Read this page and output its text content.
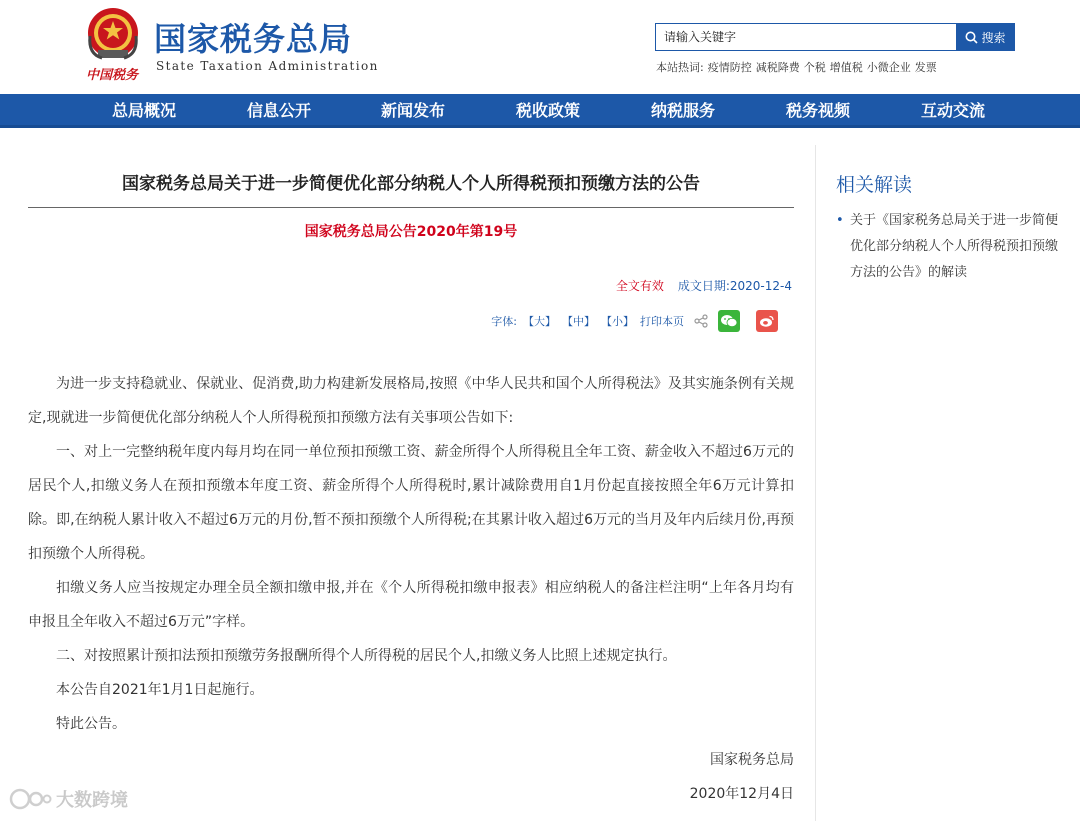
中国税务
国家税务总局
State Taxation Administration
请输入关键字
搜索
本站热词: 疫情防控 减税降费 个税 增值税 小微企业 发票
总局概况	信息公开	新闻发布	税收政策	纳税服务	税务视频	互动交流
国家税务总局关于进一步简便优化部分纳税人个人所得税预扣预缴方法的公告
国家税务总局公告2020年第19号
全文有效 成文日期:2020-12-4
字体: 【大】 【中】 【小】 打印本页

为进一步支持稳就业、保就业、促消费,助力构建新发展格局,按照《中华人民共和国个人所得税法》及其实施条例有关规定,现就进一步简便优化部分纳税人个人所得税预扣预缴方法有关事项公告如下:

一、对上一完整纳税年度内每月均在同一单位预扣预缴工资、薪金所得个人所得税且全年工资、薪金收入不超过6万元的居民个人,扣缴义务人在预扣预缴本年度工资、薪金所得个人所得税时,累计减除费用自1月份起直接按照全年6万元计算扣除。即,在纳税人累计收入不超过6万元的月份,暂不预扣预缴个人所得税;在其累计收入超过6万元的当月及年内后续月份,再预扣预缴个人所得税。

扣缴义务人应当按规定办理全员全额扣缴申报,并在《个人所得税扣缴申报表》相应纳税人的备注栏注明“上年各月均有申报且全年收入不超过6万元”字样。

二、对按照累计预扣法预扣预缴劳务报酬所得个人所得税的居民个人,扣缴义务人比照上述规定执行。

本公告自2021年1月1日起施行。

特此公告。

国家税务总局
2020年12月4日
相关解读
• 关于《国家税务总局关于进一步简便优化部分纳税人个人所得税预扣预缴方法的公告》的解读
大数跨境
